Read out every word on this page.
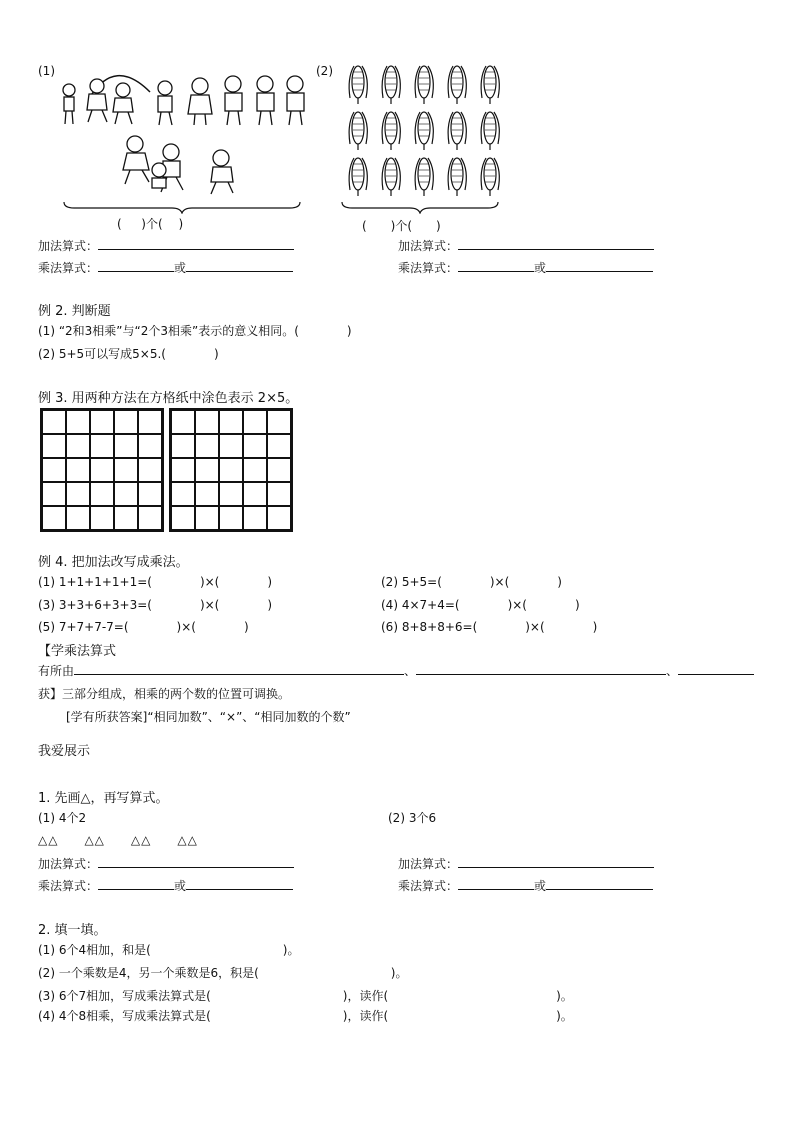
(1)	(2)
( 　 )个(　 )	(　　)个(　　)
加法算式：
乘法算式：	或
加法算式：
乘法算式：	或
例 2. 判断题
(1) “2和3相乘”与“2个3相乘”表示的意义相同。(　　　　)
(2) 5+5可以写成5×5.(　　　　)
例 3. 用两种方法在方格纸中涂色表示 2×5。
例 4. 把加法改写成乘法。
(1) 1+1+1+1+1=(　　　　)×(　　　　)	(2) 5+5=(　　　　)×(　　　　)
(3) 3+3+6+3+3=(　　　　)×(　　　　)	(4) 4×7+4=(　　　　)×(　　　　)
(5) 7+7+7-7=(　　　　)×(　　　　)	(6) 8+8+8+6=(　　　　)×(　　　　)
【学乘法算式
有所由	、	、
获】三部分组成，相乘的两个数的位置可调换。
[学有所获答案]“相同加数”、“×”、“相同加数的个数”
我爱展示
1. 先画△，再写算式。
(1) 4个2	(2) 3个6
△△　　△△　　△△　　△△
加法算式：
乘法算式：	或
加法算式：
乘法算式：	或
2. 填一填。
(1) 6个4相加，和是(　　　　　　　　　　　)。
(2) 一个乘数是4，另一个乘数是6，积是(　　　　　　　　　　　)。
(3) 6个7相加，写成乘法算式是(　　　　　　　　　　　)，读作(　　　　　　　　　　　　　　)。
(4) 4个8相乘，写成乘法算式是(　　　　　　　　　　　)，读作(　　　　　　　　　　　　　　)。
